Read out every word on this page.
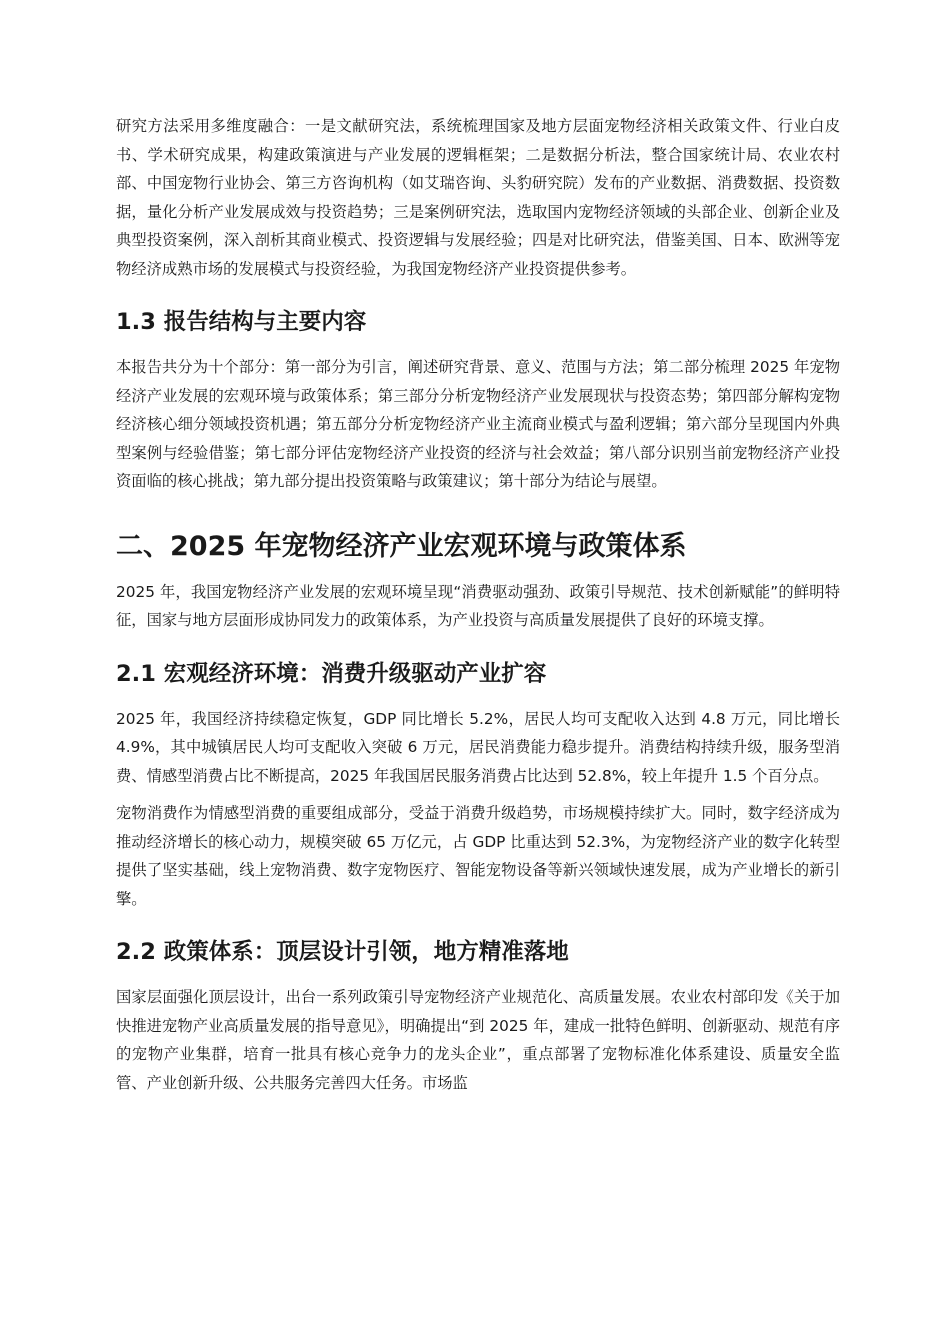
研究方法采用多维度融合：一是文献研究法，系统梳理国家及地方层面宠物经济相关政策文件、行业白皮书、学术研究成果，构建政策演进与产业发展的逻辑框架；二是数据分析法，整合国家统计局、农业农村部、中国宠物行业协会、第三方咨询机构（如艾瑞咨询、头豹研究院）发布的产业数据、消费数据、投资数据，量化分析产业发展成效与投资趋势；三是案例研究法，选取国内宠物经济领域的头部企业、创新企业及典型投资案例，深入剖析其商业模式、投资逻辑与发展经验；四是对比研究法，借鉴美国、日本、欧洲等宠物经济成熟市场的发展模式与投资经验，为我国宠物经济产业投资提供参考。

1.3 报告结构与主要内容

本报告共分为十个部分：第一部分为引言，阐述研究背景、意义、范围与方法；第二部分梳理 2025 年宠物经济产业发展的宏观环境与政策体系；第三部分分析宠物经济产业发展现状与投资态势；第四部分解构宠物经济核心细分领域投资机遇；第五部分分析宠物经济产业主流商业模式与盈利逻辑；第六部分呈现国内外典型案例与经验借鉴；第七部分评估宠物经济产业投资的经济与社会效益；第八部分识别当前宠物经济产业投资面临的核心挑战；第九部分提出投资策略与政策建议；第十部分为结论与展望。

二、2025 年宠物经济产业宏观环境与政策体系

2025 年，我国宠物经济产业发展的宏观环境呈现“消费驱动强劲、政策引导规范、技术创新赋能”的鲜明特征，国家与地方层面形成协同发力的政策体系，为产业投资与高质量发展提供了良好的环境支撑。

2.1 宏观经济环境：消费升级驱动产业扩容

2025 年，我国经济持续稳定恢复，GDP 同比增长 5.2%，居民人均可支配收入达到 4.8 万元，同比增长 4.9%，其中城镇居民人均可支配收入突破 6 万元，居民消费能力稳步提升。消费结构持续升级，服务型消费、情感型消费占比不断提高，2025 年我国居民服务消费占比达到 52.8%，较上年提升 1.5 个百分点。

宠物消费作为情感型消费的重要组成部分，受益于消费升级趋势，市场规模持续扩大。同时，数字经济成为推动经济增长的核心动力，规模突破 65 万亿元，占 GDP 比重达到 52.3%，为宠物经济产业的数字化转型提供了坚实基础，线上宠物消费、数字宠物医疗、智能宠物设备等新兴领域快速发展，成为产业增长的新引擎。

2.2 政策体系：顶层设计引领，地方精准落地

国家层面强化顶层设计，出台一系列政策引导宠物经济产业规范化、高质量发展。农业农村部印发《关于加快推进宠物产业高质量发展的指导意见》，明确提出“到 2025 年，建成一批特色鲜明、创新驱动、规范有序的宠物产业集群，培育一批具有核心竞争力的龙头企业”，重点部署了宠物标准化体系建设、质量安全监管、产业创新升级、公共服务完善四大任务。市场监
